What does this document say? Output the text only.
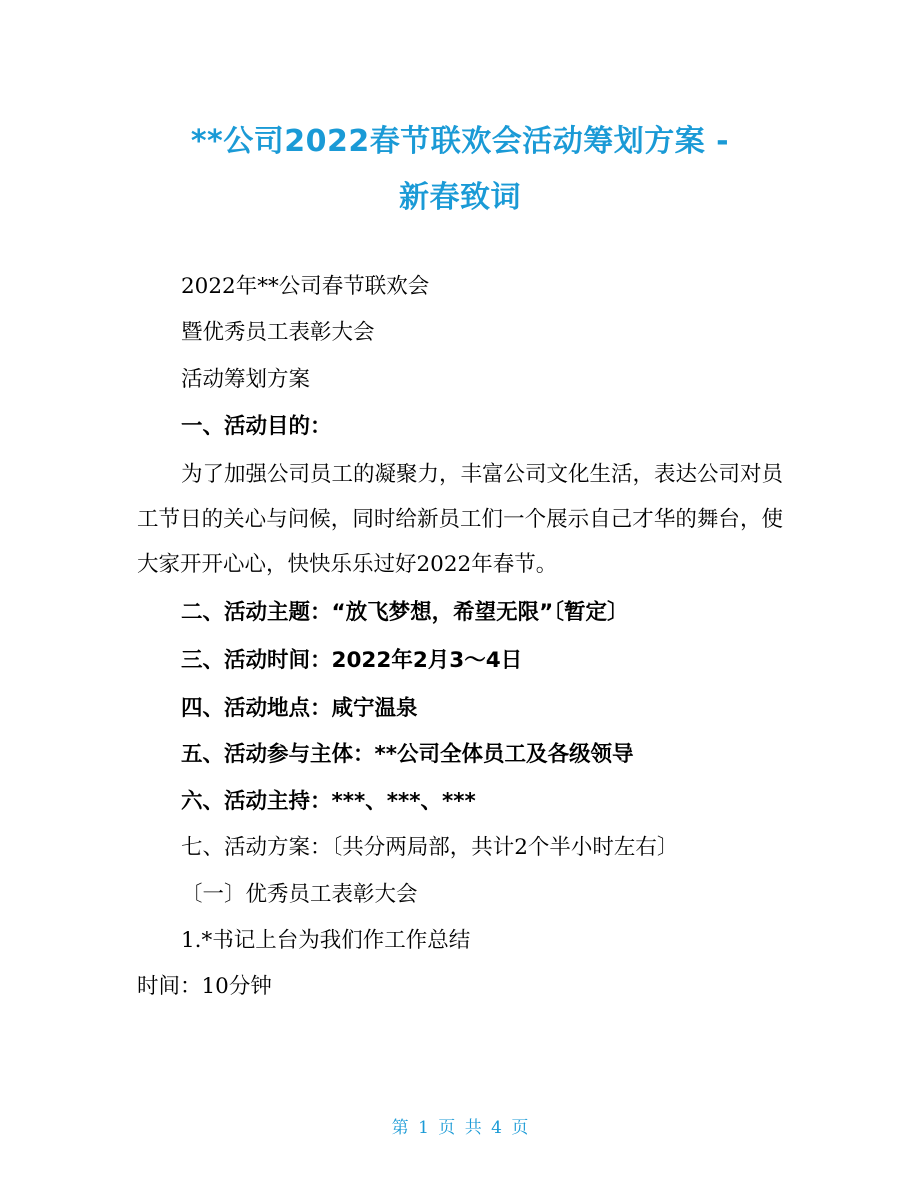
**公司2022春节联欢会活动筹划方案 -
新春致词

2022年**公司春节联欢会

暨优秀员工表彰大会

活动筹划方案

一、活动目的：

为了加强公司员工的凝聚力，丰富公司文化生活，表达公司对员工节日的关心与问候，同时给新员工们一个展示自己才华的舞台，使大家开开心心，快快乐乐过好2022年春节。

二、活动主题：“放飞梦想，希望无限”〔暂定〕

三、活动时间：2022年2月3～4日

四、活动地点：咸宁温泉

五、活动参与主体：**公司全体员工及各级领导

六、活动主持：***、***、***

七、活动方案：〔共分两局部，共计2个半小时左右〕

〔一〕优秀员工表彰大会

1.*书记上台为我们作工作总结

时间：10分钟

第 1 页 共 4 页
